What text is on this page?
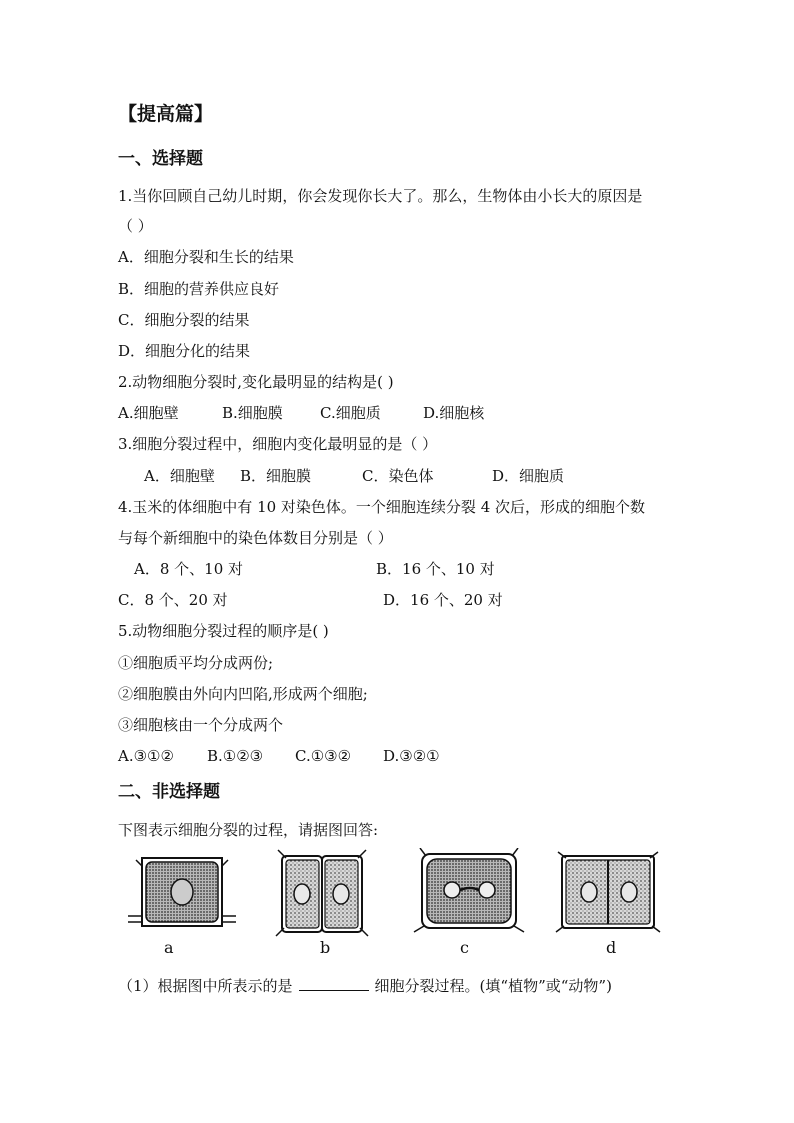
【提高篇】
一、选择题
1.当你回顾自己幼儿时期，你会发现你长大了。那么，生物体由小长大的原因是
（ ）
A．细胞分裂和生长的结果
B．细胞的营养供应良好
C．细胞分裂的结果
D．细胞分化的结果
2.动物细胞分裂时,变化最明显的结构是( )
A.细胞壁	B.细胞膜 C.细胞质	D.细胞核
3.细胞分裂过程中，细胞内变化最明显的是（ ）
A．细胞壁 B．细胞膜	C．染色体	D．细胞质
4.玉米的体细胞中有 10 对染色体。一个细胞连续分裂 4 次后，形成的细胞个数
与每个新细胞中的染色体数目分别是（ ）
A．8 个、10 对	B．16 个、10 对
C．8 个、20 对	D．16 个、20 对
5.动物细胞分裂过程的顺序是( )
①细胞质平均分成两份;
②细胞膜由外向内凹陷,形成两个细胞;
③细胞核由一个分成两个
A.③①② B.①②③ C.①③② D.③②①
二、非选择题
下图表示细胞分裂的过程，请据图回答:
a	b	c	d
（1）根据图中所表示的是	细胞分裂过程。(填“植物”或“动物”)
